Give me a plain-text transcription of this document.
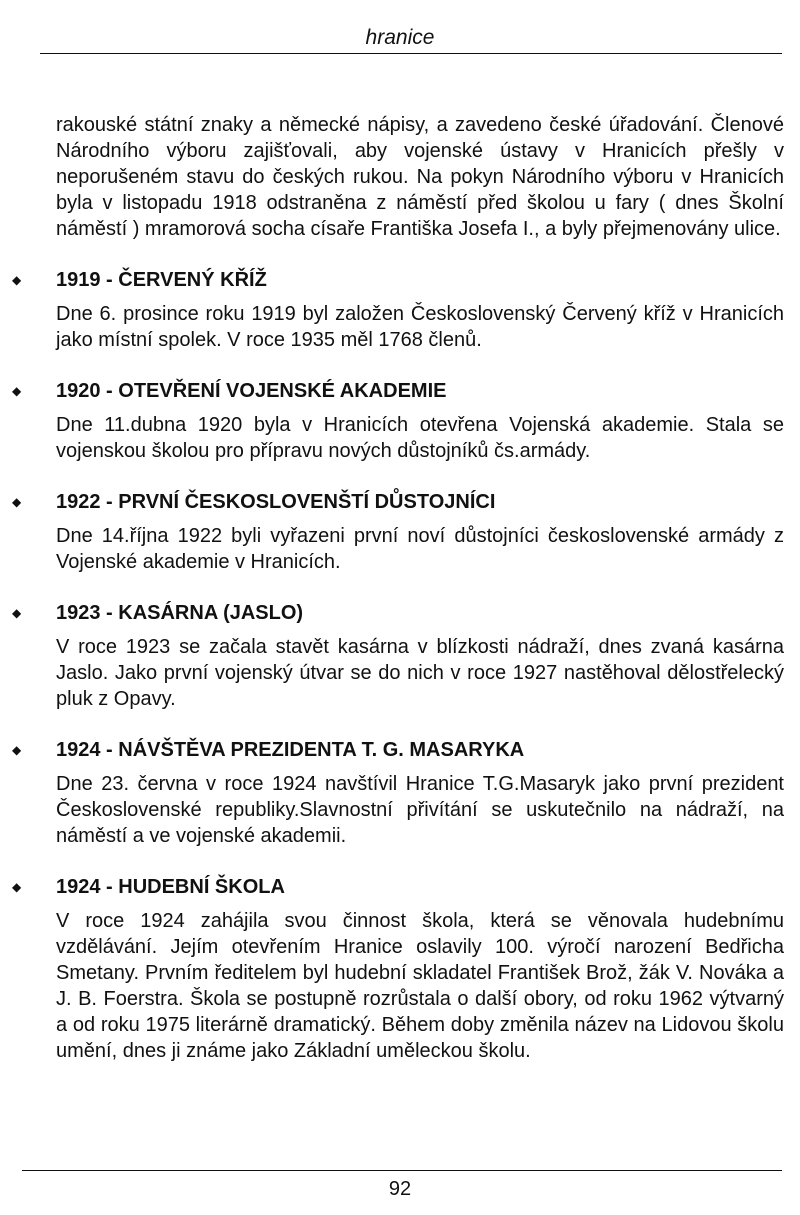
hranice

rakouské státní znaky a německé nápisy, a zavedeno české úřadování. Členové Národního výboru zajišťovali, aby vojenské ústavy v Hranicích přešly v neporušeném stavu do českých rukou. Na pokyn Národního výboru v Hranicích byla v listopadu 1918 odstraněna z náměstí před školou u fary ( dnes Školní náměstí ) mramorová socha císaře Františka Josefa I., a byly přejmenovány ulice.

◆ 1919 - ČERVENÝ KŘÍŽ

Dne 6. prosince roku 1919 byl založen Československý Červený kříž v Hranicích jako místní spolek. V roce 1935 měl 1768 členů.

◆ 1920 - OTEVŘENÍ VOJENSKÉ AKADEMIE

Dne 11.dubna 1920 byla v Hranicích otevřena Vojenská akademie. Stala se vojenskou školou pro přípravu nových důstojníků čs.armády.

◆ 1922 - PRVNÍ ČESKOSLOVENŠTÍ DŮSTOJNÍCI

Dne 14.října 1922 byli vyřazeni první noví důstojníci československé armády z Vojenské akademie v Hranicích.

◆ 1923 - KASÁRNA (JASLO)

V roce 1923 se začala stavět kasárna v blízkosti nádraží, dnes zvaná kasárna Jaslo. Jako první vojenský útvar se do nich v roce 1927 nastěhoval dělostřelecký pluk z Opavy.

◆ 1924 - NÁVŠTĚVA PREZIDENTA T. G. MASARYKA

Dne 23. června v roce 1924 navštívil Hranice T.G.Masaryk jako první prezident Československé republiky.Slavnostní přivítání se uskutečnilo na nádraží, na náměstí a ve vojenské akademii.

◆ 1924 - HUDEBNÍ ŠKOLA

V roce 1924 zahájila svou činnost škola, která se věnovala hudebnímu vzdělávání. Jejím otevřením Hranice oslavily 100. výročí narození Bedřicha Smetany. Prvním ředitelem byl hudební skladatel František Brož, žák V. Nováka a J. B. Foerstra. Škola se postupně rozrůstala o další obory, od roku 1962 výtvarný a od roku 1975 literárně dramatický. Během doby změnila název na Lidovou školu umění, dnes ji známe jako Základní uměleckou školu.

92
